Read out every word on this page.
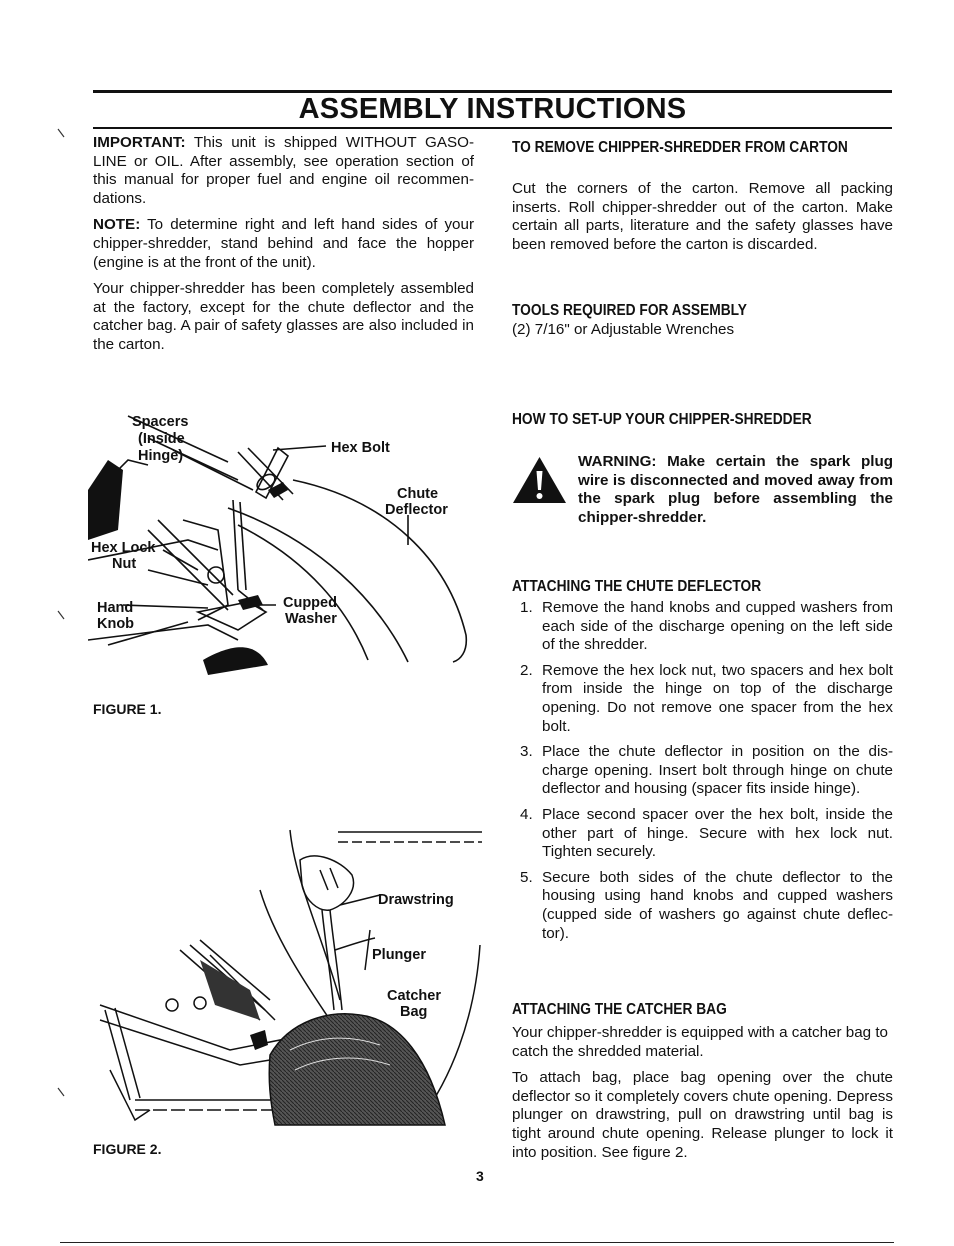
ASSEMBLY INSTRUCTIONS

IMPORTANT: This unit is shipped WITHOUT GASOLINE or OIL. After assembly, see operation section of this manual for proper fuel and engine oil recommendations.

NOTE: To determine right and left hand sides of your chipper-shredder, stand behind and face the hopper (engine is at the front of the unit).

Your chipper-shredder has been completely assembled at the factory, except for the chute deflector and the catcher bag. A pair of safety glasses are also included in the carton.

TO REMOVE CHIPPER-SHREDDER FROM CARTON
Cut the corners of the carton. Remove all packing inserts. Roll chipper-shredder out of the carton. Make certain all parts, literature and the safety glasses have been removed before the carton is discarded.
TOOLS REQUIRED FOR ASSEMBLY
(2) 7/16" or Adjustable Wrenches
HOW TO SET-UP YOUR CHIPPER-SHREDDER
WARNING: Make certain the spark plug wire is disconnected and moved away from the spark plug before assembling the chipper-shredder.
ATTACHING THE CHUTE DEFLECTOR
1. Remove the hand knobs and cupped washers from each side of the discharge opening on the left side of the shredder.
2. Remove the hex lock nut, two spacers and hex bolt from inside the hinge on top of the discharge opening. Do not remove one spacer from the hex bolt.
3. Place the chute deflector in position on the discharge opening. Insert bolt through hinge on chute deflector and housing (spacer fits inside hinge).
4. Place second spacer over the hex bolt, inside the other part of hinge. Secure with hex lock nut. Tighten securely.
5. Secure both sides of the chute deflector to the housing using hand knobs and cupped washers (cupped side of washers go against chute deflector).
ATTACHING THE CATCHER BAG

Your chipper-shredder is equipped with a catcher bag to catch the shredded material.

To attach bag, place bag opening over the chute deflector so it completely covers chute opening. Depress plunger on drawstring, pull on drawstring until bag is tight around chute opening. Release plunger to lock it into position. See figure 2.

Spacers
(Inside
Hinge)	Hex Bolt
Chute
Deflector
Hex Lock
Nut
Hand
Knob
Cupped
Washer
FIGURE 1.
Drawstring
Plunger
Catcher
Bag
FIGURE 2.
3
